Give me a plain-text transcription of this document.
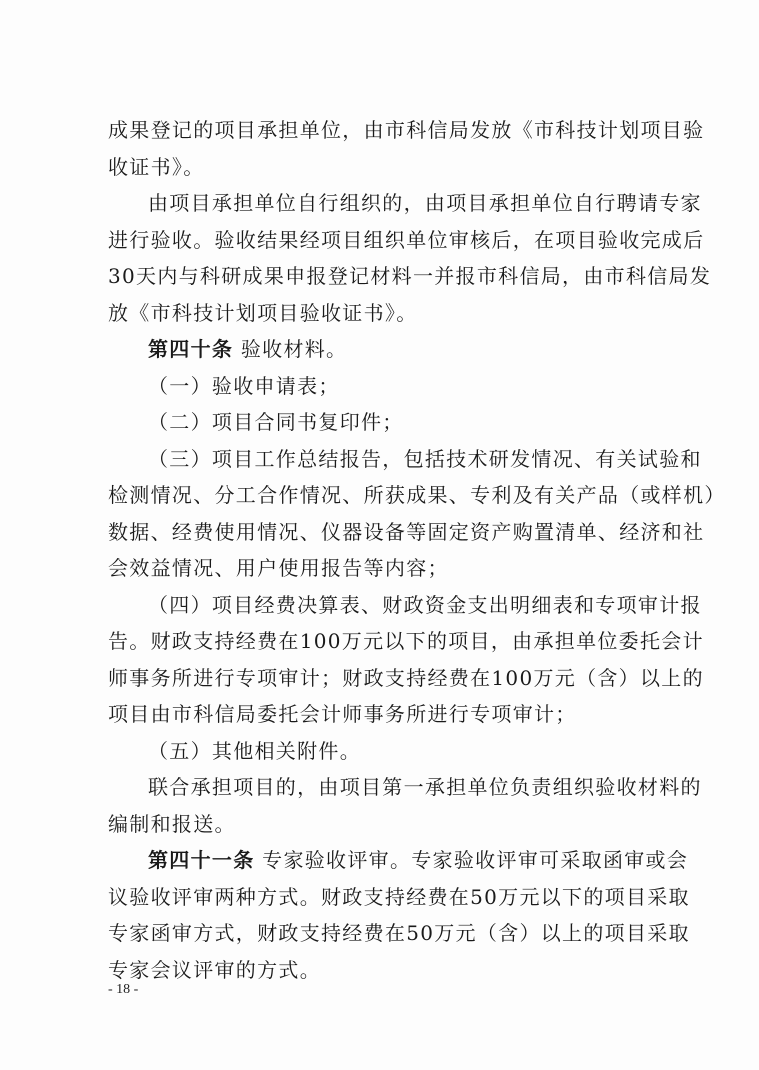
成果登记的项目承担单位，由市科信局发放《市科技计划项目验
收证书》。
由项目承担单位自行组织的，由项目承担单位自行聘请专家
进行验收。验收结果经项目组织单位审核后，在项目验收完成后
30天内与科研成果申报登记材料一并报市科信局，由市科信局发
放《市科技计划项目验收证书》。
第四十条 验收材料。
（一）验收申请表；
（二）项目合同书复印件；
（三）项目工作总结报告，包括技术研发情况、有关试验和
检测情况、分工合作情况、所获成果、专利及有关产品（或样机）
数据、经费使用情况、仪器设备等固定资产购置清单、经济和社
会效益情况、用户使用报告等内容；
（四）项目经费决算表、财政资金支出明细表和专项审计报
告。财政支持经费在100万元以下的项目，由承担单位委托会计
师事务所进行专项审计；财政支持经费在100万元（含）以上的
项目由市科信局委托会计师事务所进行专项审计；
（五）其他相关附件。
联合承担项目的，由项目第一承担单位负责组织验收材料的
编制和报送。
第四十一条 专家验收评审。专家验收评审可采取函审或会
议验收评审两种方式。财政支持经费在50万元以下的项目采取
专家函审方式，财政支持经费在50万元（含）以上的项目采取
专家会议评审的方式。
- 18 -
